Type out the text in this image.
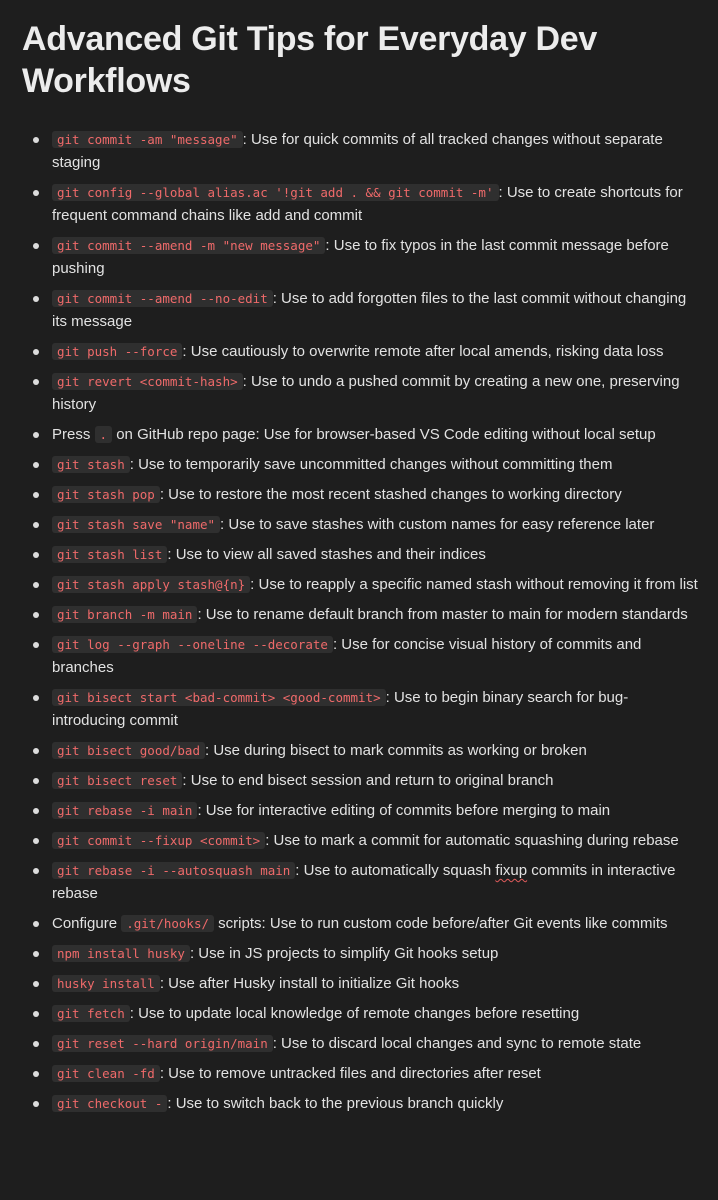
Advanced Git Tips for Everyday Dev Workflows
git commit -am "message" : Use for quick commits of all tracked changes without separate staging
git config --global alias.ac '!git add . && git commit -m' : Use to create shortcuts for frequent command chains like add and commit
git commit --amend -m "new message" : Use to fix typos in the last commit message before pushing
git commit --amend --no-edit : Use to add forgotten files to the last commit without changing its message
git push --force : Use cautiously to overwrite remote after local amends, risking data loss
git revert <commit-hash> : Use to undo a pushed commit by creating a new one, preserving history
Press . on GitHub repo page: Use for browser-based VS Code editing without local setup
git stash : Use to temporarily save uncommitted changes without committing them
git stash pop : Use to restore the most recent stashed changes to working directory
git stash save "name" : Use to save stashes with custom names for easy reference later
git stash list : Use to view all saved stashes and their indices
git stash apply stash@{n} : Use to reapply a specific named stash without removing it from list
git branch -m main : Use to rename default branch from master to main for modern standards
git log --graph --oneline --decorate : Use for concise visual history of commits and branches
git bisect start <bad-commit> <good-commit> : Use to begin binary search for bug-introducing commit
git bisect good/bad : Use during bisect to mark commits as working or broken
git bisect reset : Use to end bisect session and return to original branch
git rebase -i main : Use for interactive editing of commits before merging to main
git commit --fixup <commit> : Use to mark a commit for automatic squashing during rebase
git rebase -i --autosquash main : Use to automatically squash fixup commits in interactive rebase
Configure .git/hooks/ scripts: Use to run custom code before/after Git events like commits
npm install husky : Use in JS projects to simplify Git hooks setup
husky install : Use after Husky install to initialize Git hooks
git fetch : Use to update local knowledge of remote changes before resetting
git reset --hard origin/main : Use to discard local changes and sync to remote state
git clean -fd : Use to remove untracked files and directories after reset
git checkout - : Use to switch back to the previous branch quickly
